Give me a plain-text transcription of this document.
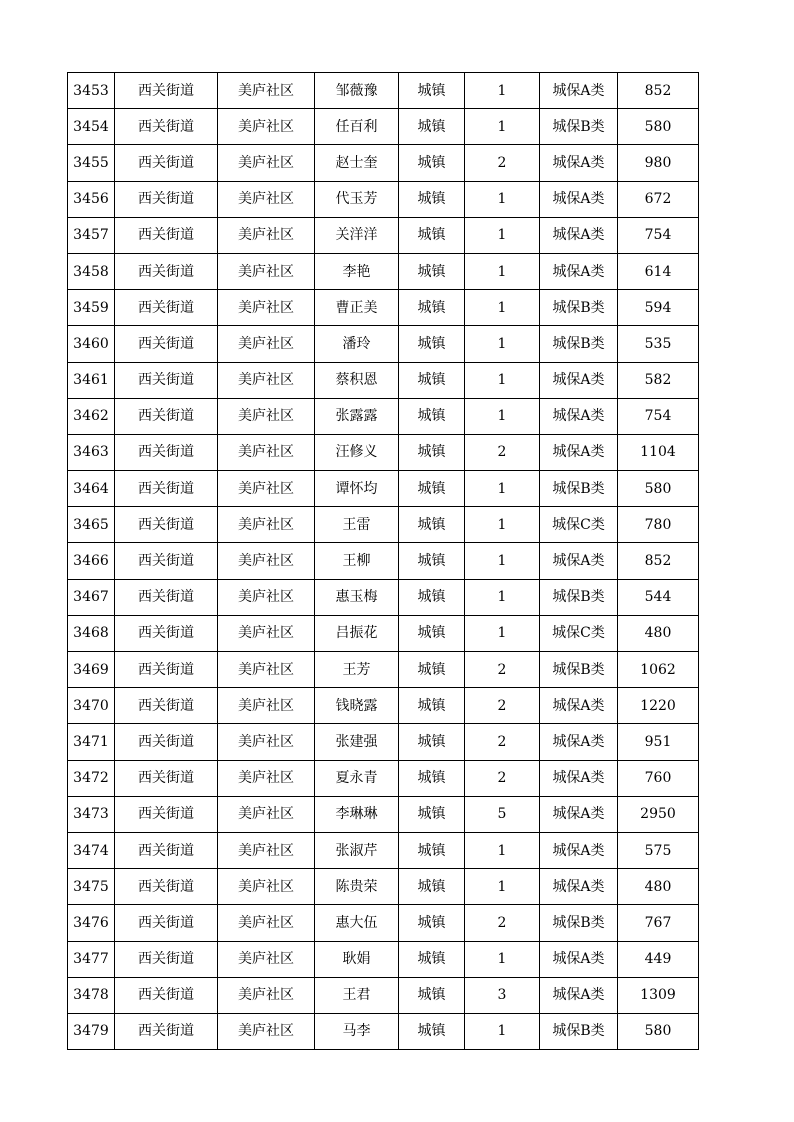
3453	西关街道	美庐社区	邹薇豫	城镇	1	城保A类	852
3454	西关街道	美庐社区	任百利	城镇	1	城保B类	580
3455	西关街道	美庐社区	赵士奎	城镇	2	城保A类	980
3456	西关街道	美庐社区	代玉芳	城镇	1	城保A类	672
3457	西关街道	美庐社区	关洋洋	城镇	1	城保A类	754
3458	西关街道	美庐社区	李艳	城镇	1	城保A类	614
3459	西关街道	美庐社区	曹正美	城镇	1	城保B类	594
3460	西关街道	美庐社区	潘玲	城镇	1	城保B类	535
3461	西关街道	美庐社区	蔡积恩	城镇	1	城保A类	582
3462	西关街道	美庐社区	张露露	城镇	1	城保A类	754
3463	西关街道	美庐社区	汪修义	城镇	2	城保A类	1104
3464	西关街道	美庐社区	谭怀均	城镇	1	城保B类	580
3465	西关街道	美庐社区	王雷	城镇	1	城保C类	780
3466	西关街道	美庐社区	王柳	城镇	1	城保A类	852
3467	西关街道	美庐社区	惠玉梅	城镇	1	城保B类	544
3468	西关街道	美庐社区	吕振花	城镇	1	城保C类	480
3469	西关街道	美庐社区	王芳	城镇	2	城保B类	1062
3470	西关街道	美庐社区	钱晓露	城镇	2	城保A类	1220
3471	西关街道	美庐社区	张建强	城镇	2	城保A类	951
3472	西关街道	美庐社区	夏永青	城镇	2	城保A类	760
3473	西关街道	美庐社区	李琳琳	城镇	5	城保A类	2950
3474	西关街道	美庐社区	张淑芹	城镇	1	城保A类	575
3475	西关街道	美庐社区	陈贵荣	城镇	1	城保A类	480
3476	西关街道	美庐社区	惠大伍	城镇	2	城保B类	767
3477	西关街道	美庐社区	耿娟	城镇	1	城保A类	449
3478	西关街道	美庐社区	王君	城镇	3	城保A类	1309
3479	西关街道	美庐社区	马李	城镇	1	城保B类	580
